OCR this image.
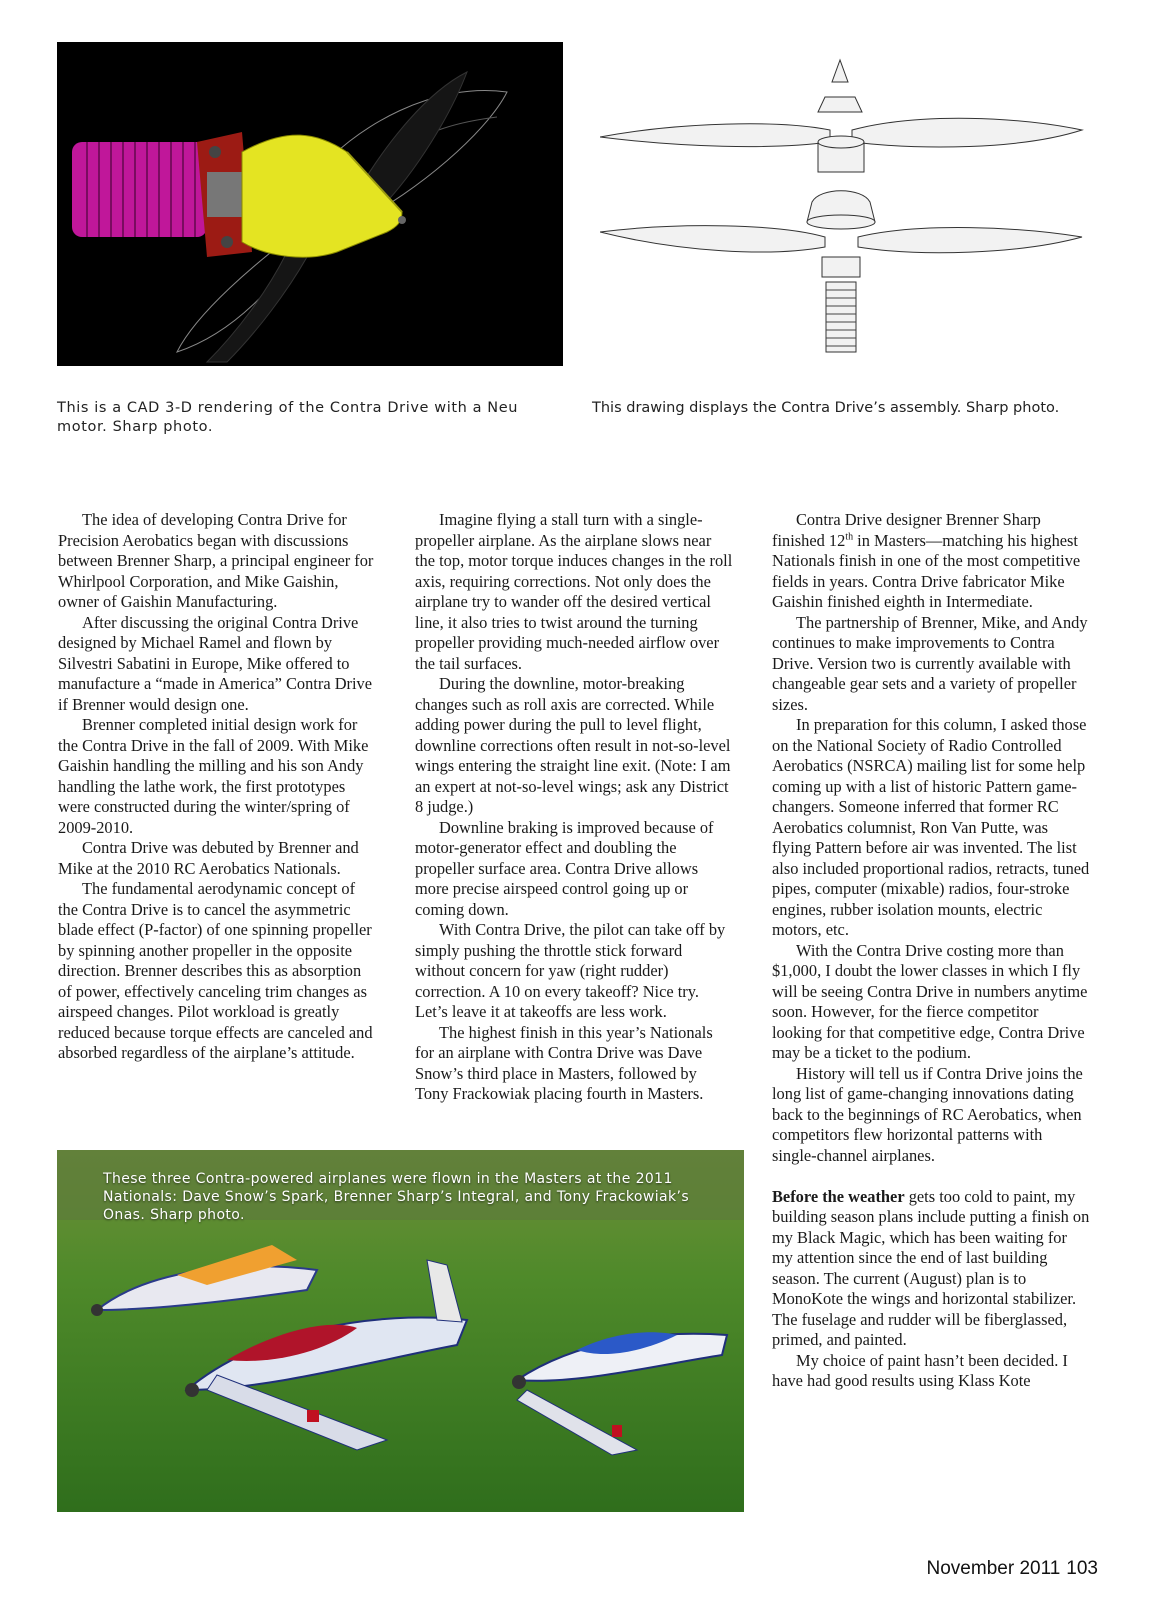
This is a CAD 3-D rendering of the Contra Drive with a Neu motor. Sharp photo.
This drawing displays the Contra Drive’s assembly. Sharp photo.

The idea of developing Contra Drive for Precision Aerobatics began with discussions between Brenner Sharp, a principal engineer for Whirlpool Corporation, and Mike Gaishin, owner of Gaishin Manufacturing.

After discussing the original Contra Drive designed by Michael Ramel and flown by Silvestri Sabatini in Europe, Mike offered to manufacture a “made in America” Contra Drive if Brenner would design one.

Brenner completed initial design work for the Contra Drive in the fall of 2009. With Mike Gaishin handling the milling and his son Andy handling the lathe work, the first prototypes were constructed during the winter/spring of 2009-2010.

Contra Drive was debuted by Brenner and Mike at the 2010 RC Aerobatics Nationals.

The fundamental aerodynamic concept of the Contra Drive is to cancel the asymmetric blade effect (P-factor) of one spinning propeller by spinning another propeller in the opposite direction. Brenner describes this as absorption of power, effectively canceling trim changes as airspeed changes. Pilot workload is greatly reduced because torque effects are canceled and absorbed regardless of the airplane’s attitude.

Imagine flying a stall turn with a single-propeller airplane. As the airplane slows near the top, motor torque induces changes in the roll axis, requiring corrections. Not only does the airplane try to wander off the desired vertical line, it also tries to twist around the turning propeller providing much-needed airflow over the tail surfaces.

During the downline, motor-breaking changes such as roll axis are corrected. While adding power during the pull to level flight, downline corrections often result in not-so-level wings entering the straight line exit. (Note: I am an expert at not-so-level wings; ask any District 8 judge.)

Downline braking is improved because of motor-generator effect and doubling the propeller surface area. Contra Drive allows more precise airspeed control going up or coming down.

With Contra Drive, the pilot can take off by simply pushing the throttle stick forward without concern for yaw (right rudder) correction. A 10 on every takeoff? Nice try. Let’s leave it at takeoffs are less work.

The highest finish in this year’s Nationals for an airplane with Contra Drive was Dave Snow’s third place in Masters, followed by Tony Frackowiak placing fourth in Masters.

Contra Drive designer Brenner Sharp finished 12th in Masters—matching his highest Nationals finish in one of the most competitive fields in years. Contra Drive fabricator Mike Gaishin finished eighth in Intermediate.

The partnership of Brenner, Mike, and Andy continues to make improvements to Contra Drive. Version two is currently available with changeable gear sets and a variety of propeller sizes.

In preparation for this column, I asked those on the National Society of Radio Controlled Aerobatics (NSRCA) mailing list for some help coming up with a list of historic Pattern game-changers. Someone inferred that former RC Aerobatics columnist, Ron Van Putte, was flying Pattern before air was invented. The list also included proportional radios, retracts, tuned pipes, computer (mixable) radios, four-stroke engines, rubber isolation mounts, electric motors, etc.

With the Contra Drive costing more than $1,000, I doubt the lower classes in which I fly will be seeing Contra Drive in numbers anytime soon. However, for the fierce competitor looking for that competitive edge, Contra Drive may be a ticket to the podium.

History will tell us if Contra Drive joins the long list of game-changing innovations dating back to the beginnings of RC Aerobatics, when competitors flew horizontal patterns with single-channel airplanes.

Before the weather gets too cold to paint, my building season plans include putting a finish on my Black Magic, which has been waiting for my attention since the end of last building season. The current (August) plan is to MonoKote the wings and horizontal stabilizer. The fuselage and rudder will be fiberglassed, primed, and painted.

My choice of paint hasn’t been decided. I have had good results using Klass Kote

These three Contra-powered airplanes were flown in the Masters at the 2011 Nationals: Dave Snow’s Spark, Brenner Sharp’s Integral, and Tony Frackowiak’s Onas. Sharp photo.
November 2011 103
